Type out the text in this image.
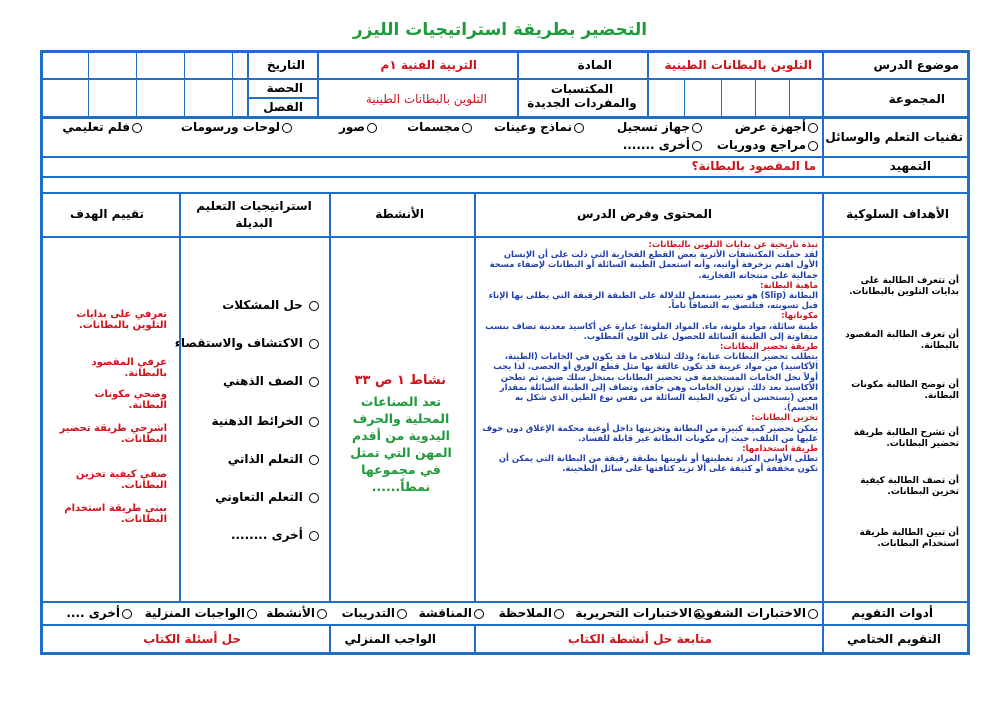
التحضير بطريقة استراتيجيات الليزر
موضوع الدرس
التلوين بالبطانات الطينية
المادة
التربية الفنية ١م
التاريخ
المجموعة
المكتسبات والمفردات الجديدة
التلوين بالبطانات الطينية
الحصة
الفصل
تقنيات التعلم والوسائل
أجهزة عرض
جهاز تسجيل
نماذج وعينات
مجسمات
صور
لوحات ورسومات
فلم تعليمي
مراجع ودوريات
أخرى .......
التمهيد
ما المقصود بالبطانة؟
الأهداف السلوكية
المحتوى وفرض الدرس
الأنشطة
استراتيجيات التعليم البديلة
تقييم الهدف
أن تتعرف الطالبة على بدايات التلوين بالبطانات.
أن تعرف الطالبة المقصود بالبطانة.
أن توضح الطالبة مكونات البطانة.
أن تشرح الطالبة طريقة تحضير البطانات.
أن تصف الطالبة كيفية تخزين البطانات.
أن تبين الطالبة طريقة استخدام البطانات.
نبذة تاريخية عن بدايات التلوين بالبطانات:
لقد حملت المكتشفات الأثرية بعض القطع الفخارية التي دلت على أن الإنسان الأول اهتم بزخرفة أوانيه، وأنه استعمل الطينة السائلة أو البطانات لإضفاء مسحة جمالية على منتجاته الفخارية.
ماهية البطانة:
البطانة (Slip) هو تعبير يستعمل للدلالة على الطبقة الرقيقة التي يطلى بها الإناء قبل تسويته، فتلتصق به التصاقاً تاماً.
مكوناتها:
طينة سائلة، مواد ملونة، ماء. المواد الملونة: عبارة عن أكاسيد معدنية تضاف بنسب متفاوتة إلى الطينة السائلة للحصول على اللون المطلوب.
طريقة تحضير البطانات:
يتطلب تحضير البطانات عناية؛ وذلك لنتلافى ما قد يكون في الخامات (الطينة، الأكاسيد) من مواد غريبة قد تكون عالقة بها مثل قطع الورق أو الحصى. لذا يجب أولاً نخل الخامات المستخدمة في تحضير البطانات بمنخل سلك ضيق، ثم تطحن الأكاسيد بعد ذلك. توزن الخامات وهي جافة، وتضاف إلى الطينة السائلة بمقدار معين (يستحسن أن تكون الطينة السائلة من نفس نوع الطين الذي شكل به الجسم).
تخزين البطانات:
يمكن تحضير كمية كبيرة من البطانة وتخزينها داخل أوعية محكمة الإغلاق دون خوف عليها من التلف، حيث إن مكونات البطانة غير قابلة للفساد.
طريقة استخدامها:
تطلى الأواني المراد تغطيتها أو تلوينها بطبقة رقيقة من البطانة التي يمكن أن تكون مخففة أو كثيفة على ألا تزيد كثافتها على سائل الطحينة.
نشاط ١ ص ٣٣
تعد الصناعات المحلية والحرف اليدوية من أقدم المهن التي تمثل في مجموعها نمطاً......
حل المشكلات
الاكتشاف والاستقصاء
الصف الذهني
الخرائط الذهنية
التعلم الذاتي
التعلم التعاوني
أخرى ........
تعرفي على بدايات التلوين بالبطانات.
عرفي المقصود بالبطانة.
وضحي مكونات البطانة.
اشرحي طريقة تحضير البطانات.
صفي كيفية تخزين البطانات.
بيني طريقة استخدام البطانات.
أدوات التقويم
الاختبارات الشفوية
الاختبارات التحريرية
الملاحظة
المناقشة
التدريبات
الأنشطة
الواجبات المنزلية
أخرى ....
التقويم الختامي
متابعة حل أنشطة الكتاب
الواجب المنزلي
حل أسئلة الكتاب
